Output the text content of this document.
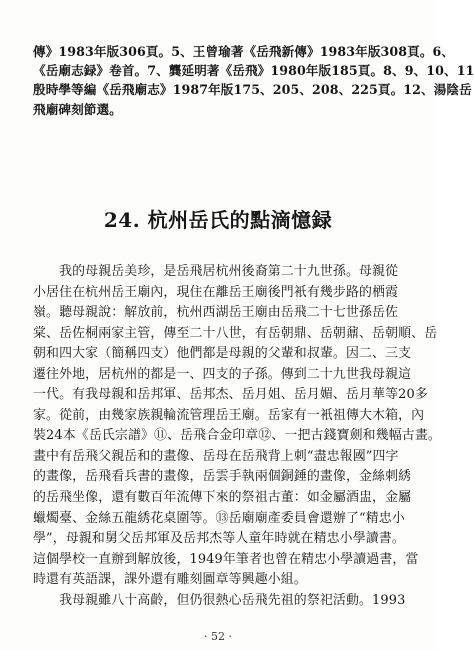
傳》1983年版306頁。5、王曾瑜著《岳飛新傳》1983年版308頁。6、
《岳廟志録》卷首。7、龔延明著《岳飛》1980年版185頁。8、9、10、11
殷時學等編《岳飛廟志》1987年版175、205、208、225頁。12、湯陰岳
飛廟碑刻節選。
24. 杭州岳氏的點滴憶録
　　我的母親岳美珍，是岳飛居杭州後裔第二十九世孫。母親從
小居住在杭州岳王廟內，現住在離岳王廟後門衹有幾步路的栖霞
嶺。聽母親說：解放前，杭州西湖岳王廟由岳飛二十七世孫岳佐
棠、岳佐桐兩家主管，傳至二十八世，有岳朝鼎、岳朝鼐、岳朝順、岳
朝和四大家（簡稱四支）他們都是母親的父輩和叔輩。因二、三支
遷往外地，居杭州的都是一、四支的子孫。傳到二十九世我母親這
一代。有我母親和岳邦軍、岳邦杰、岳月姐、岳月媚、岳月華等20多
家。從前，由幾家族親輪流管理岳王廟。岳家有一衹祖傳大木箱，內
裝24本《岳氏宗譜》⑪、岳飛合金印章⑫、一把古錢寶劍和幾幅古畫。
畫中有岳飛父親岳和的畫像、岳母在岳飛背上刺“盡忠報國”四字
的畫像，岳飛看兵書的畫像，岳雲手執兩個銅錘的畫像，金絲刺綉
的岳飛坐像，還有數百年流傳下來的祭祖古董：如金屬酒盅，金屬
蠟燭臺、金絲五龍綉花桌圍等。⑬岳廟廟產委員會還辦了“精忠小
學”，母親和舅父岳邦軍及岳邦杰等人童年時就在精忠小學讀書。
這個學校一直辦到解放後，1949年筆者也曾在精忠小學讀過書，當
時還有英語課，課外還有雕刻圖章等興趣小組。
　　我母親雖八十高齡，但仍很熱心岳飛先祖的祭祀活動。1993
· 52 ·
